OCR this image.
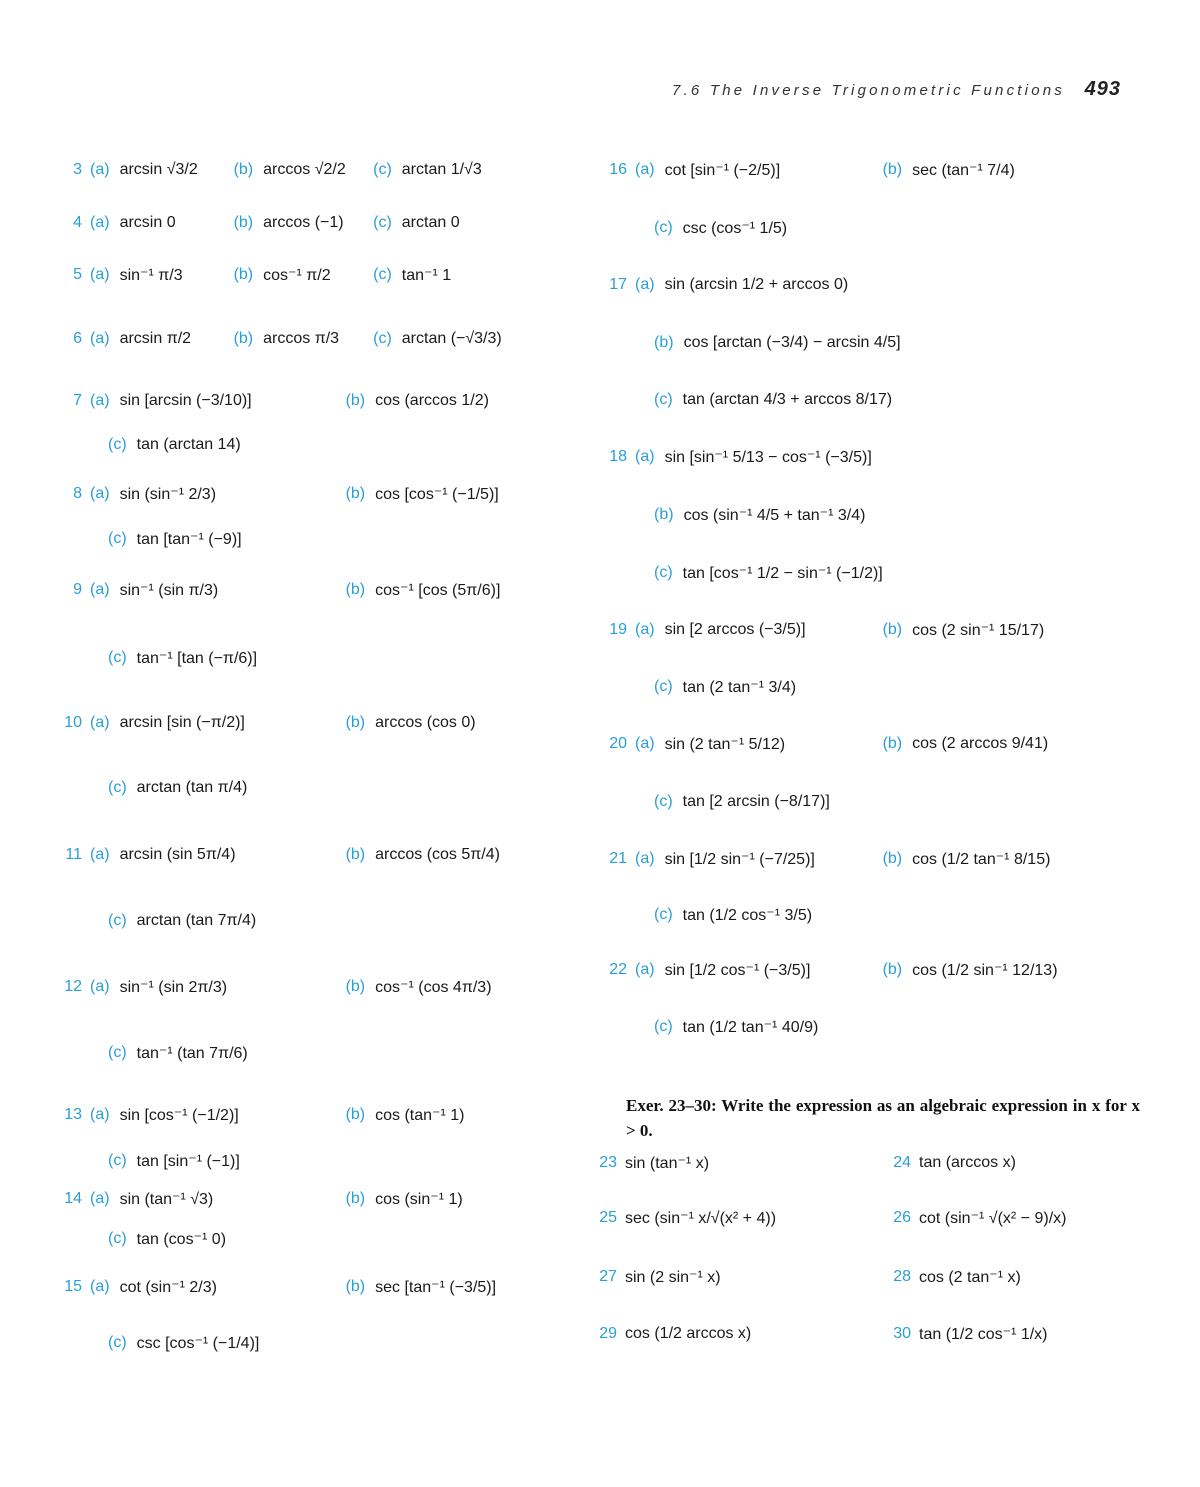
7.6 The Inverse Trigonometric Functions 493
3 (a) arcsin √3/2	(b) arccos √2/2	(c) arctan 1/√3
4 (a) arcsin 0	(b) arccos (−1)	(c) arctan 0
5 (a) sin⁻¹ π/3	(b) cos⁻¹ π/2	(c) tan⁻¹ 1
6 (a) arcsin π/2	(b) arccos π/3	(c) arctan (−√3/3)
7 (a) sin [arcsin (−3/10)]	(b) cos (arccos 1/2)
(c) tan (arctan 14)
8 (a) sin (sin⁻¹ 2/3)	(b) cos [cos⁻¹ (−1/5)]
(c) tan [tan⁻¹ (−9)]
9 (a) sin⁻¹ (sin π/3)	(b) cos⁻¹ [cos (5π/6)]
(c) tan⁻¹ [tan (−π/6)]
10 (a) arcsin [sin (−π/2)]	(b) arccos (cos 0)
(c) arctan (tan π/4)
11 (a) arcsin (sin 5π/4)	(b) arccos (cos 5π/4)
(c) arctan (tan 7π/4)
12 (a) sin⁻¹ (sin 2π/3)	(b) cos⁻¹ (cos 4π/3)
(c) tan⁻¹ (tan 7π/6)
13 (a) sin [cos⁻¹ (−1/2)]	(b) cos (tan⁻¹ 1)
(c) tan [sin⁻¹ (−1)]
14 (a) sin (tan⁻¹ √3)	(b) cos (sin⁻¹ 1)
(c) tan (cos⁻¹ 0)
15 (a) cot (sin⁻¹ 2/3)	(b) sec [tan⁻¹ (−3/5)]
(c) csc [cos⁻¹ (−1/4)]
16 (a) cot [sin⁻¹ (−2/5)]	(b) sec (tan⁻¹ 7/4)
(c) csc (cos⁻¹ 1/5)
17 (a) sin (arcsin 1/2 + arccos 0)
(b) cos [arctan (−3/4) − arcsin 4/5]
(c) tan (arctan 4/3 + arccos 8/17)
18 (a) sin [sin⁻¹ 5/13 − cos⁻¹ (−3/5)]
(b) cos (sin⁻¹ 4/5 + tan⁻¹ 3/4)
(c) tan [cos⁻¹ 1/2 − sin⁻¹ (−1/2)]
19 (a) sin [2 arccos (−3/5)]	(b) cos (2 sin⁻¹ 15/17)
(c) tan (2 tan⁻¹ 3/4)
20 (a) sin (2 tan⁻¹ 5/12)	(b) cos (2 arccos 9/41)
(c) tan [2 arcsin (−8/17)]
21 (a) sin [1/2 sin⁻¹ (−7/25)]	(b) cos (1/2 tan⁻¹ 8/15)
(c) tan (1/2 cos⁻¹ 3/5)
22 (a) sin [1/2 cos⁻¹ (−3/5)]	(b) cos (1/2 sin⁻¹ 12/13)
(c) tan (1/2 tan⁻¹ 40/9)
Exer. 23–30: Write the expression as an algebraic expression in x for x > 0.
23 sin (tan⁻¹ x)	24 tan (arccos x)
25 sec (sin⁻¹ x/√(x² + 4))	26 cot (sin⁻¹ √(x² − 9)/x)
27 sin (2 sin⁻¹ x)	28 cos (2 tan⁻¹ x)
29 cos (1/2 arccos x)	30 tan (1/2 cos⁻¹ 1/x)
